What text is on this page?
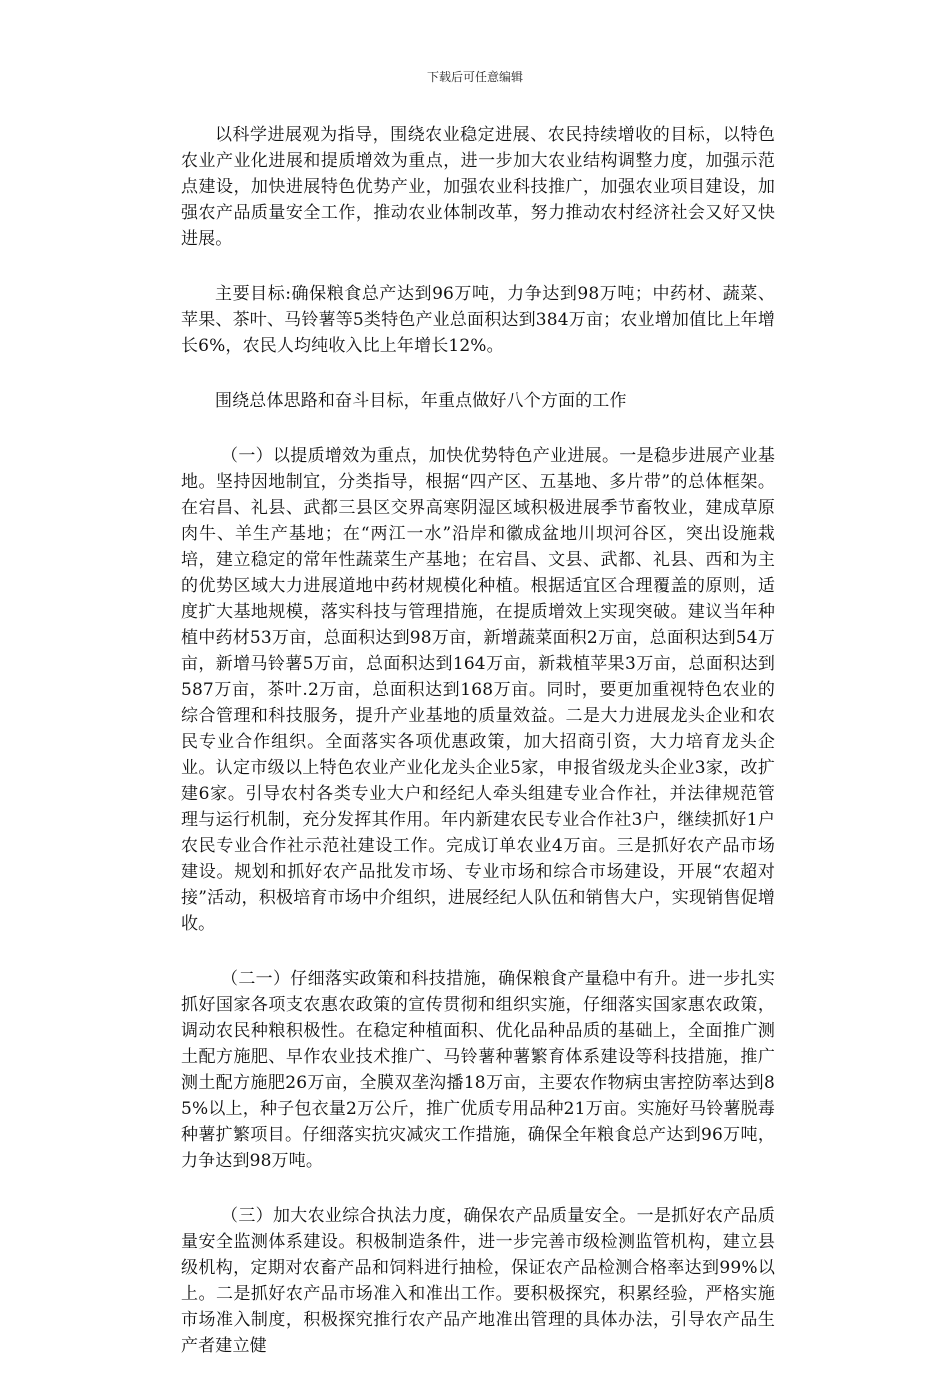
下载后可任意编辑

以科学进展观为指导，围绕农业稳定进展、农民持续增收的目标，以特色农业产业化进展和提质增效为重点，进一步加大农业结构调整力度，加强示范点建设，加快进展特色优势产业，加强农业科技推广，加强农业项目建设，加强农产品质量安全工作，推动农业体制改革，努力推动农村经济社会又好又快进展。

主要目标:确保粮食总产达到96万吨，力争达到98万吨；中药材、蔬菜、苹果、茶叶、马铃薯等5类特色产业总面积达到384万亩；农业增加值比上年增长6%，农民人均纯收入比上年增长12%。

围绕总体思路和奋斗目标，年重点做好八个方面的工作

（一）以提质增效为重点，加快优势特色产业进展。一是稳步进展产业基地。坚持因地制宜，分类指导，根据“四产区、五基地、多片带”的总体框架。在宕昌、礼县、武都三县区交界高寒阴湿区域积极进展季节畜牧业，建成草原肉牛、羊生产基地；在“两江一水”沿岸和徽成盆地川坝河谷区，突出设施栽培，建立稳定的常年性蔬菜生产基地；在宕昌、文县、武都、礼县、西和为主的优势区域大力进展道地中药材规模化种植。根据适宜区合理覆盖的原则，适度扩大基地规模，落实科技与管理措施，在提质增效上实现突破。建议当年种植中药材53万亩，总面积达到98万亩，新增蔬菜面积2万亩，总面积达到54万亩，新增马铃薯5万亩，总面积达到164万亩，新栽植苹果3万亩，总面积达到587万亩，茶叶.2万亩，总面积达到168万亩。同时，要更加重视特色农业的综合管理和科技服务，提升产业基地的质量效益。二是大力进展龙头企业和农民专业合作组织。全面落实各项优惠政策，加大招商引资，大力培育龙头企业。认定市级以上特色农业产业化龙头企业5家，申报省级龙头企业3家，改扩建6家。引导农村各类专业大户和经纪人牵头组建专业合作社，并法律规范管理与运行机制，充分发挥其作用。年内新建农民专业合作社3户，继续抓好1户农民专业合作社示范社建设工作。完成订单农业4万亩。三是抓好农产品市场建设。规划和抓好农产品批发市场、专业市场和综合市场建设，开展“农超对接”活动，积极培育市场中介组织，进展经纪人队伍和销售大户，实现销售促增收。

（二一）仔细落实政策和科技措施，确保粮食产量稳中有升。进一步扎实抓好国家各项支农惠农政策的宣传贯彻和组织实施，仔细落实国家惠农政策，调动农民种粮积极性。在稳定种植面积、优化品种品质的基础上，全面推广测土配方施肥、早作农业技术推广、马铃薯种薯繁育体系建设等科技措施，推广测土配方施肥26万亩，全膜双垄沟播18万亩，主要农作物病虫害控防率达到85%以上，种子包衣量2万公斤，推广优质专用品种21万亩。实施好马铃薯脱毒种薯扩繁项目。仔细落实抗灾减灾工作措施，确保全年粮食总产达到96万吨，力争达到98万吨。

（三）加大农业综合执法力度，确保农产品质量安全。一是抓好农产品质量安全监测体系建设。积极制造条件，进一步完善市级检测监管机构，建立县级机构，定期对农畜产品和饲料进行抽检，保证农产品检测合格率达到99%以上。二是抓好农产品市场准入和准出工作。要积极探究，积累经验，严格实施市场准入制度，积极探究推行农产品产地准出管理的具体办法，引导农产品生产者建立健
